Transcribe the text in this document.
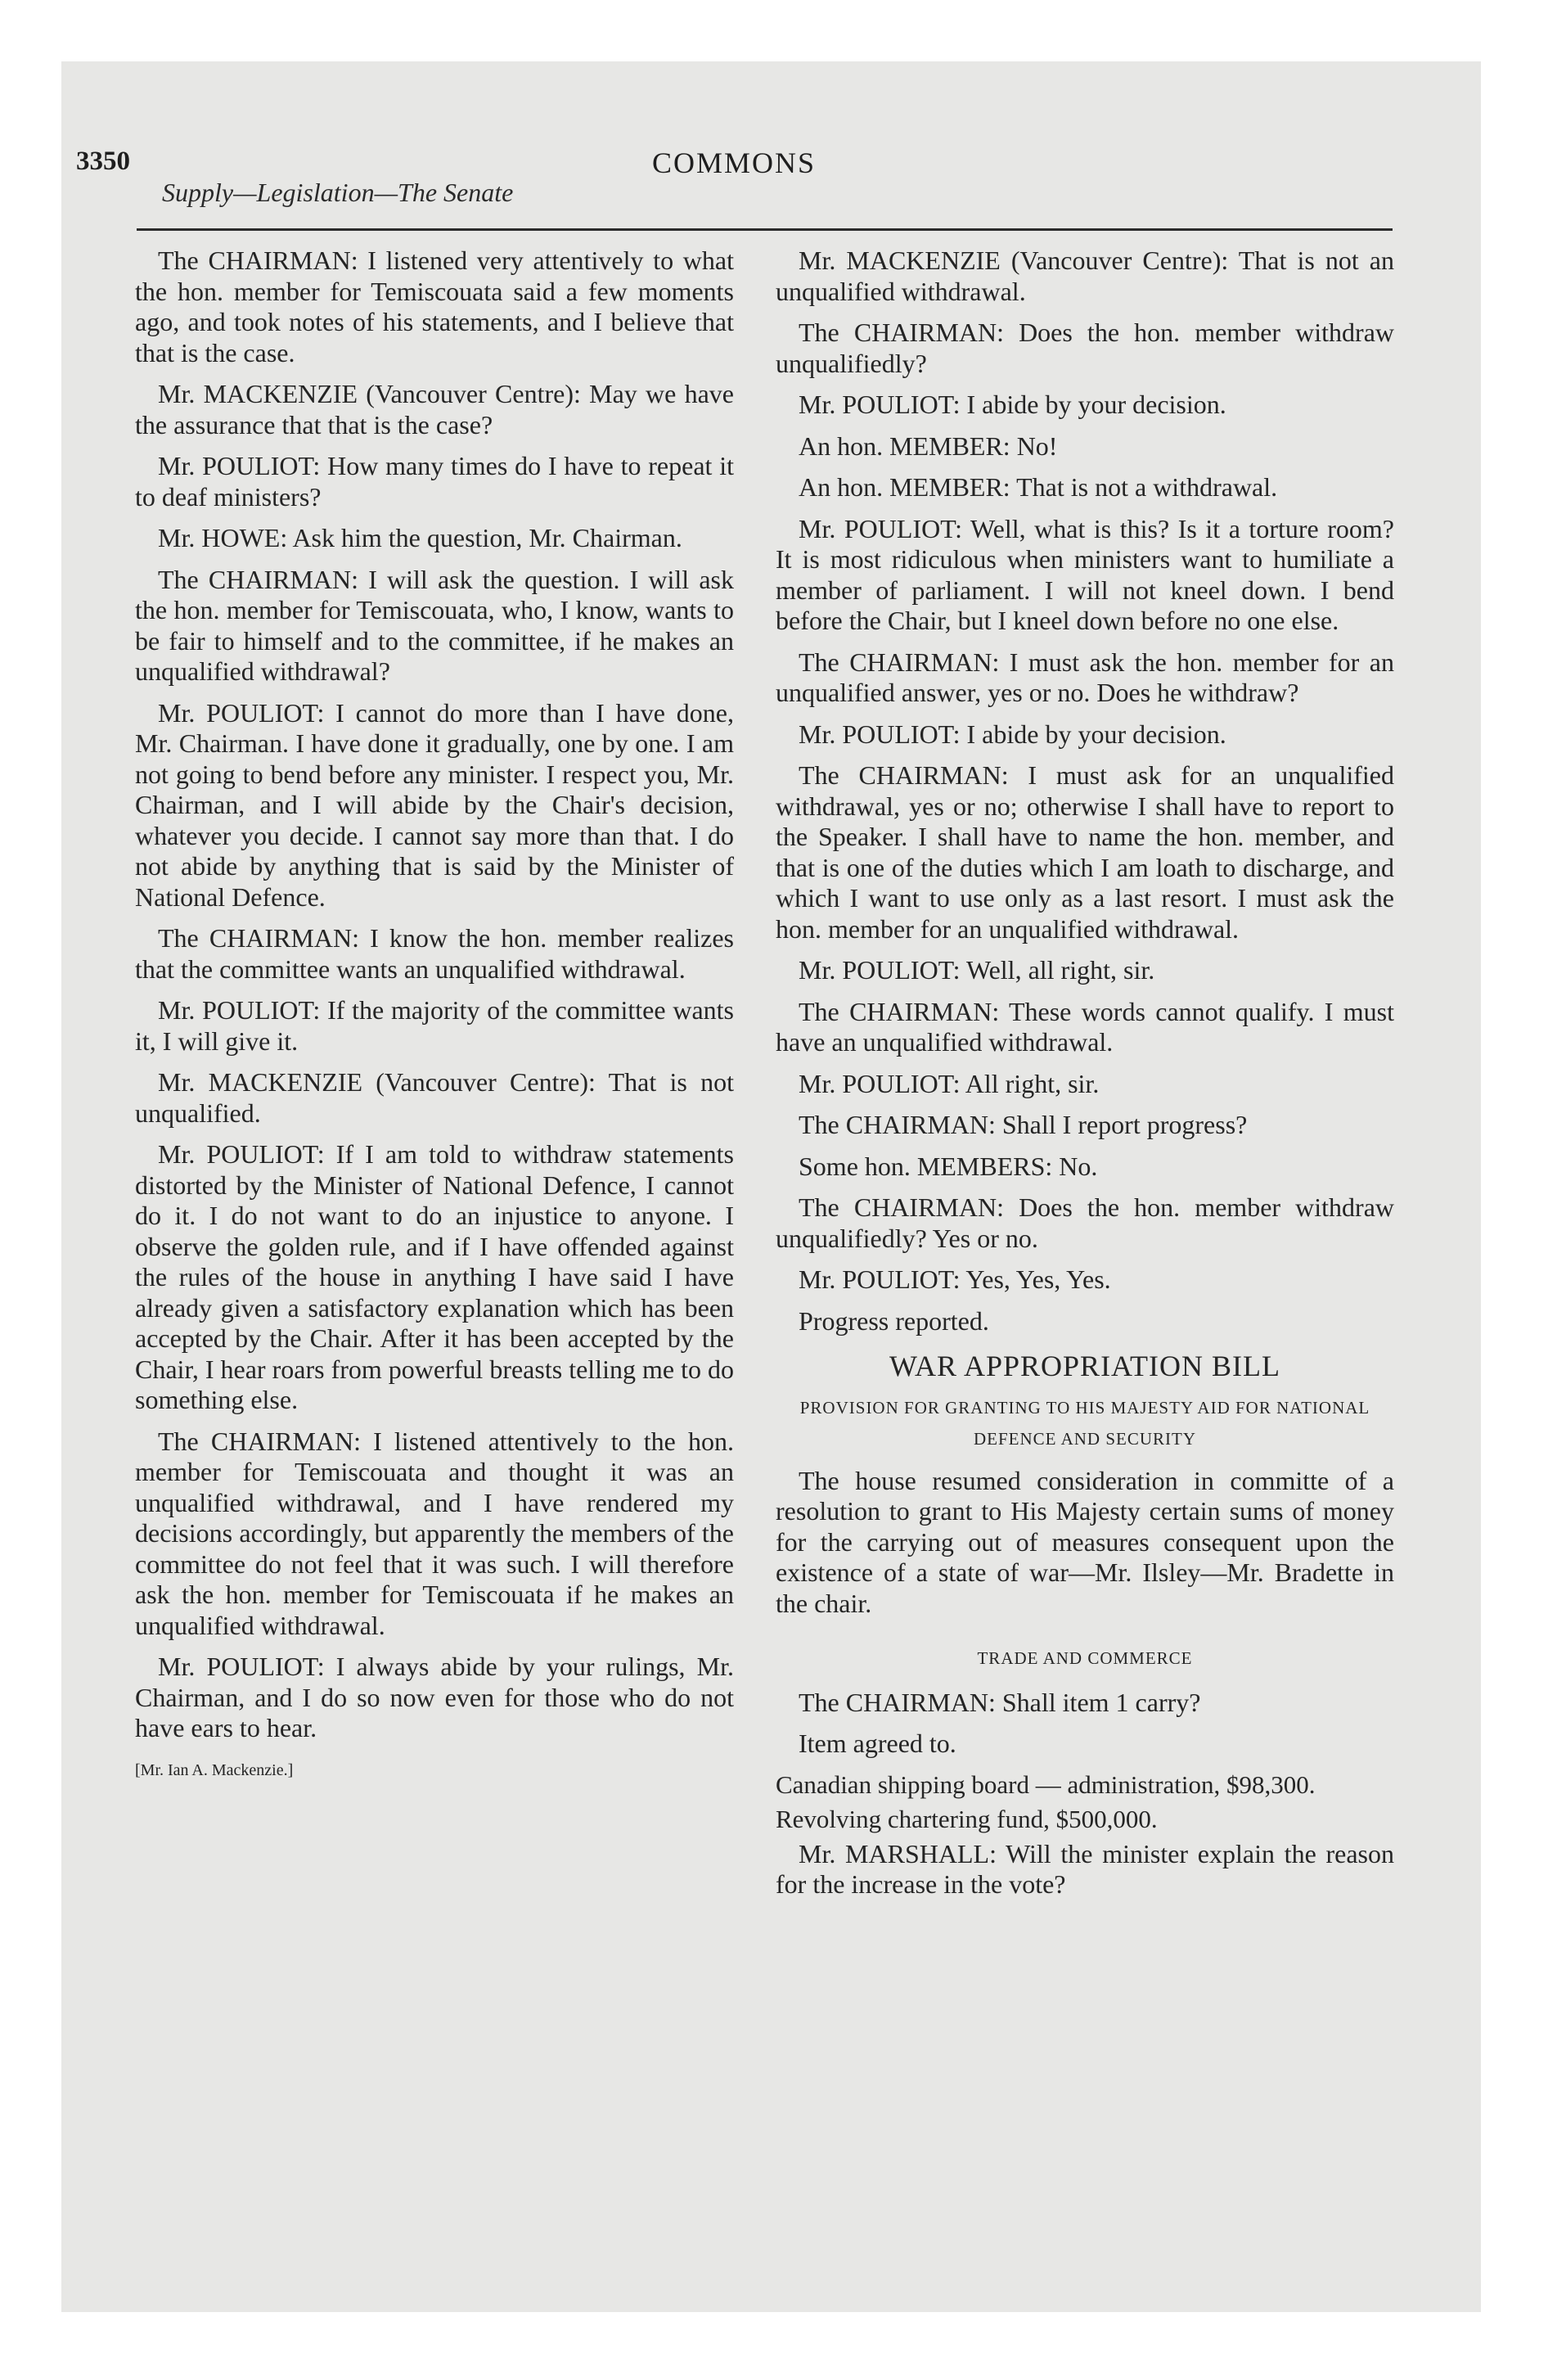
3350
Supply—Legislation—The Senate
COMMONS

The CHAIRMAN: I listened very attentively to what the hon. member for Temiscouata said a few moments ago, and took notes of his statements, and I believe that that is the case.

Mr. MACKENZIE (Vancouver Centre): May we have the assurance that that is the case?

Mr. POULIOT: How many times do I have to repeat it to deaf ministers?

Mr. HOWE: Ask him the question, Mr. Chairman.

The CHAIRMAN: I will ask the question. I will ask the hon. member for Temiscouata, who, I know, wants to be fair to himself and to the committee, if he makes an unqualified withdrawal?

Mr. POULIOT: I cannot do more than I have done, Mr. Chairman. I have done it gradually, one by one. I am not going to bend before any minister. I respect you, Mr. Chairman, and I will abide by the Chair's decision, whatever you decide. I cannot say more than that. I do not abide by anything that is said by the Minister of National Defence.

The CHAIRMAN: I know the hon. member realizes that the committee wants an unqualified withdrawal.

Mr. POULIOT: If the majority of the committee wants it, I will give it.

Mr. MACKENZIE (Vancouver Centre): That is not unqualified.

Mr. POULIOT: If I am told to withdraw statements distorted by the Minister of National Defence, I cannot do it. I do not want to do an injustice to anyone. I observe the golden rule, and if I have offended against the rules of the house in anything I have said I have already given a satisfactory explanation which has been accepted by the Chair. After it has been accepted by the Chair, I hear roars from powerful breasts telling me to do something else.

The CHAIRMAN: I listened attentively to the hon. member for Temiscouata and thought it was an unqualified withdrawal, and I have rendered my decisions accordingly, but apparently the members of the committee do not feel that it was such. I will therefore ask the hon. member for Temiscouata if he makes an unqualified withdrawal.

Mr. POULIOT: I always abide by your rulings, Mr. Chairman, and I do so now even for those who do not have ears to hear.

[Mr. Ian A. Mackenzie.]

Mr. MACKENZIE (Vancouver Centre): That is not an unqualified withdrawal.

The CHAIRMAN: Does the hon. member withdraw unqualifiedly?

Mr. POULIOT: I abide by your decision.

An hon. MEMBER: No!

An hon. MEMBER: That is not a withdrawal.

Mr. POULIOT: Well, what is this? Is it a torture room? It is most ridiculous when ministers want to humiliate a member of parliament. I will not kneel down. I bend before the Chair, but I kneel down before no one else.

The CHAIRMAN: I must ask the hon. member for an unqualified answer, yes or no. Does he withdraw?

Mr. POULIOT: I abide by your decision.

The CHAIRMAN: I must ask for an unqualified withdrawal, yes or no; otherwise I shall have to report to the Speaker. I shall have to name the hon. member, and that is one of the duties which I am loath to discharge, and which I want to use only as a last resort. I must ask the hon. member for an unqualified withdrawal.

Mr. POULIOT: Well, all right, sir.

The CHAIRMAN: These words cannot qualify. I must have an unqualified withdrawal.

Mr. POULIOT: All right, sir.

The CHAIRMAN: Shall I report progress?

Some hon. MEMBERS: No.

The CHAIRMAN: Does the hon. member withdraw unqualifiedly? Yes or no.

Mr. POULIOT: Yes, Yes, Yes.

Progress reported.

WAR APPROPRIATION BILL
PROVISION FOR GRANTING TO HIS MAJESTY AID FOR NATIONAL DEFENCE AND SECURITY

The house resumed consideration in committe of a resolution to grant to His Majesty certain sums of money for the carrying out of measures consequent upon the existence of a state of war—Mr. Ilsley—Mr. Bradette in the chair.

TRADE AND COMMERCE

The CHAIRMAN: Shall item 1 carry?

Item agreed to.

Canadian shipping board — administration, $98,300.

Revolving chartering fund, $500,000.

Mr. MARSHALL: Will the minister explain the reason for the increase in the vote?
